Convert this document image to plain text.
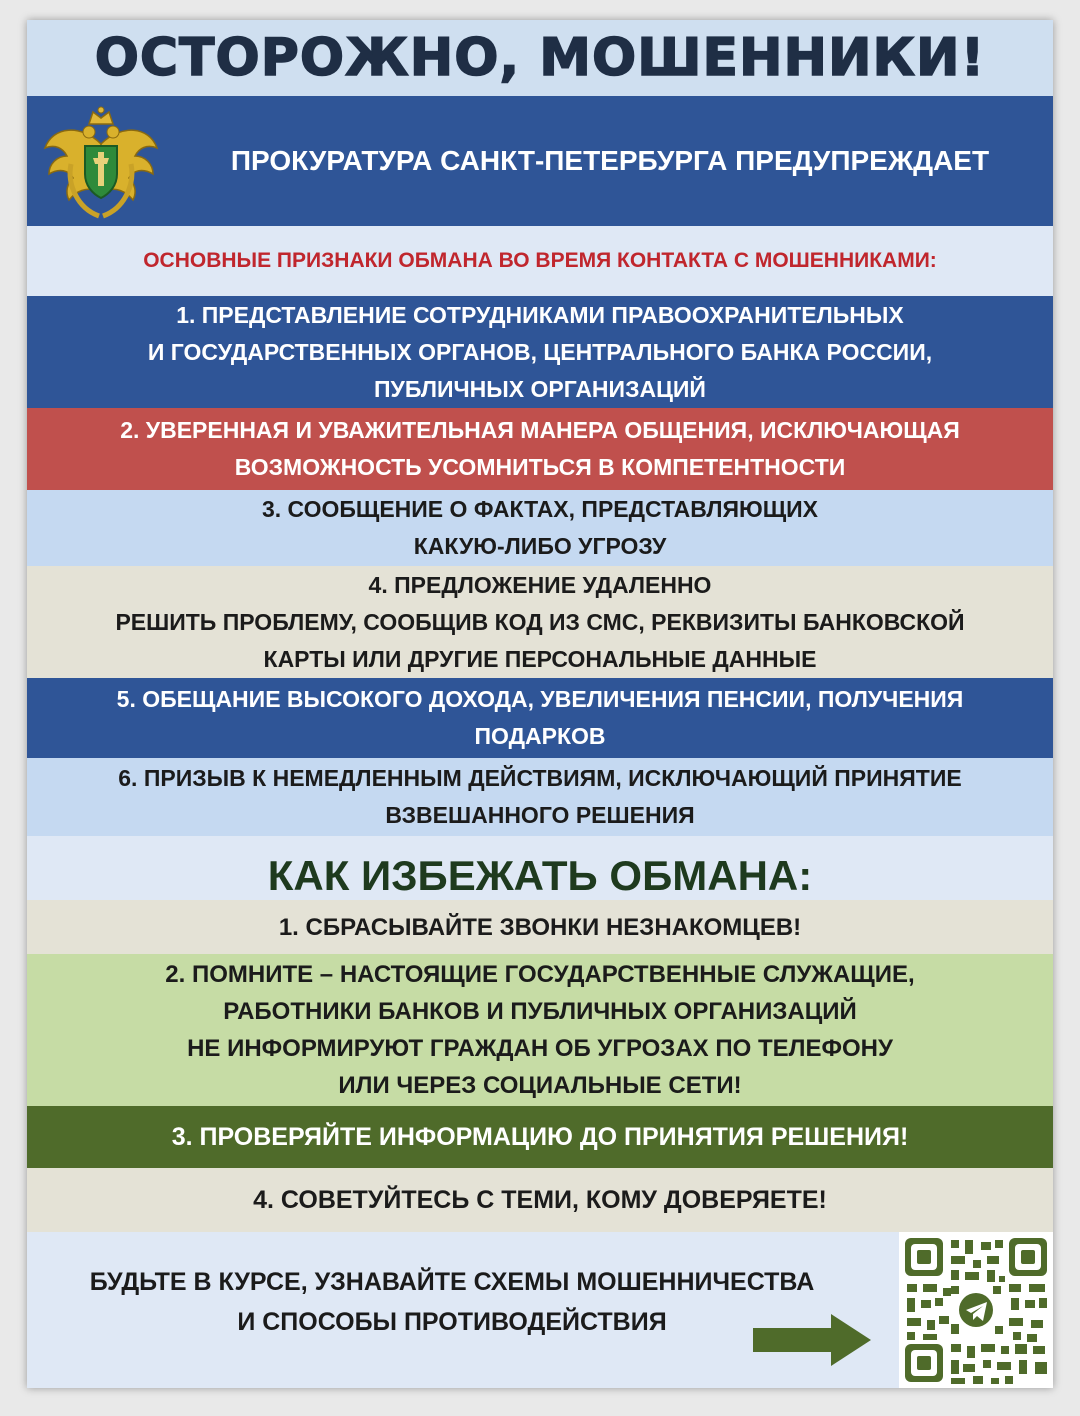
ОСТОРОЖНО, МОШЕННИКИ!
ПРОКУРАТУРА САНКТ-ПЕТЕРБУРГА ПРЕДУПРЕЖДАЕТ
ОСНОВНЫЕ ПРИЗНАКИ ОБМАНА ВО ВРЕМЯ КОНТАКТА С МОШЕННИКАМИ:
1. ПРЕДСТАВЛЕНИЕ СОТРУДНИКАМИ ПРАВООХРАНИТЕЛЬНЫХ
И ГОСУДАРСТВЕННЫХ ОРГАНОВ, ЦЕНТРАЛЬНОГО БАНКА РОССИИ,
ПУБЛИЧНЫХ ОРГАНИЗАЦИЙ
2. УВЕРЕННАЯ И УВАЖИТЕЛЬНАЯ МАНЕРА ОБЩЕНИЯ, ИСКЛЮЧАЮЩАЯ
ВОЗМОЖНОСТЬ УСОМНИТЬСЯ В КОМПЕТЕНТНОСТИ
3. СООБЩЕНИЕ О ФАКТАХ, ПРЕДСТАВЛЯЮЩИХ
КАКУЮ-ЛИБО УГРОЗУ
4. ПРЕДЛОЖЕНИЕ УДАЛЕННО
РЕШИТЬ ПРОБЛЕМУ, СООБЩИВ КОД ИЗ СМС, РЕКВИЗИТЫ БАНКОВСКОЙ
КАРТЫ ИЛИ ДРУГИЕ ПЕРСОНАЛЬНЫЕ ДАННЫЕ
5. ОБЕЩАНИЕ ВЫСОКОГО ДОХОДА, УВЕЛИЧЕНИЯ ПЕНСИИ, ПОЛУЧЕНИЯ
ПОДАРКОВ
6. ПРИЗЫВ К НЕМЕДЛЕННЫМ ДЕЙСТВИЯМ, ИСКЛЮЧАЮЩИЙ ПРИНЯТИЕ
ВЗВЕШАННОГО РЕШЕНИЯ
КАК ИЗБЕЖАТЬ ОБМАНА:
1. СБРАСЫВАЙТЕ ЗВОНКИ НЕЗНАКОМЦЕВ!
2. ПОМНИТЕ – НАСТОЯЩИЕ ГОСУДАРСТВЕННЫЕ СЛУЖАЩИЕ,
РАБОТНИКИ БАНКОВ И ПУБЛИЧНЫХ ОРГАНИЗАЦИЙ
НЕ ИНФОРМИРУЮТ ГРАЖДАН ОБ УГРОЗАХ ПО ТЕЛЕФОНУ
ИЛИ ЧЕРЕЗ СОЦИАЛЬНЫЕ СЕТИ!
3. ПРОВЕРЯЙТЕ ИНФОРМАЦИЮ ДО ПРИНЯТИЯ РЕШЕНИЯ!
4. СОВЕТУЙТЕСЬ С ТЕМИ, КОМУ ДОВЕРЯЕТЕ!
БУДЬТЕ В КУРСЕ, УЗНАВАЙТЕ СХЕМЫ МОШЕННИЧЕСТВА
И СПОСОБЫ ПРОТИВОДЕЙСТВИЯ
